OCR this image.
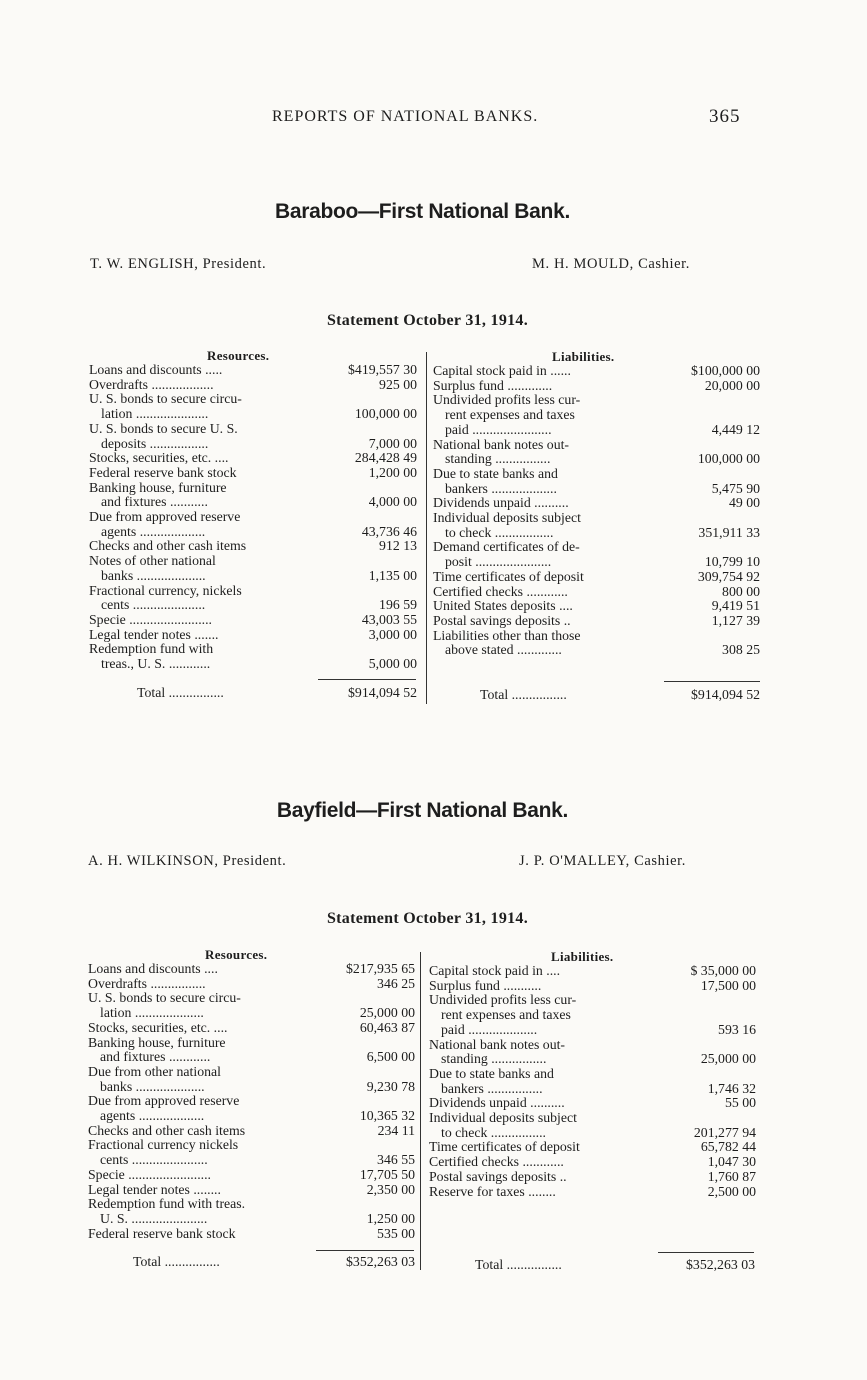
REPORTS OF NATIONAL BANKS.	365
Baraboo—First National Bank.
T. W. ENGLISH, President.	M. H. MOULD, Cashier.
Statement October 31, 1914.
Resources.	Liabilities.
Loans and discounts .....	$419,557 30
Overdrafts ..................	925 00
U. S. bonds to secure circu-
lation .....................	100,000 00
U. S. bonds to secure U. S.
deposits .................	7,000 00
Stocks, securities, etc. ....	284,428 49
Federal reserve bank stock	1,200 00
Banking house, furniture
and fixtures ...........	4,000 00
Due from approved reserve
agents ...................	43,736 46
Checks and other cash items	912 13
Notes of other national
banks ....................	1,135 00
Fractional currency, nickels
cents .....................	196 59
Specie ........................	43,003 55
Legal tender notes .......	3,000 00
Redemption fund with
treas., U. S. ............	5,000 00
Capital stock paid in ......	$100,000 00
Surplus fund .............	20,000 00
Undivided profits less cur-
rent expenses and taxes
paid .......................	4,449 12
National bank notes out-
standing ................	100,000 00
Due to state banks and
bankers ...................	5,475 90
Dividends unpaid ..........	49 00
Individual deposits subject
to check .................	351,911 33
Demand certificates of de-
posit ......................	10,799 10
Time certificates of deposit	309,754 92
Certified checks ............	800 00
United States deposits ....	9,419 51
Postal savings deposits ..	1,127 39
Liabilities other than those
above stated .............	308 25
Total ................	$914,094 52	Total ................	$914,094 52
Bayfield—First National Bank.
A. H. WILKINSON, President.	J. P. O'MALLEY, Cashier.
Statement October 31, 1914.
Resources.	Liabilities.
Loans and discounts ....	$217,935 65
Overdrafts ................	346 25
U. S. bonds to secure circu-
lation ....................	25,000 00
Stocks, securities, etc. ....	60,463 87
Banking house, furniture
and fixtures ............	6,500 00
Due from other national
banks ....................	9,230 78
Due from approved reserve
agents ...................	10,365 32
Checks and other cash items	234 11
Fractional currency nickels
cents ......................	346 55
Specie ........................	17,705 50
Legal tender notes ........	2,350 00
Redemption fund with treas.
U. S. ......................	1,250 00
Federal reserve bank stock	535 00
Capital stock paid in ....	$ 35,000 00
Surplus fund ...........	17,500 00
Undivided profits less cur-
rent expenses and taxes
paid ....................	593 16
National bank notes out-
standing ................	25,000 00
Due to state banks and
bankers ................	1,746 32
Dividends unpaid ..........	55 00
Individual deposits subject
to check ................	201,277 94
Time certificates of deposit	65,782 44
Certified checks ............	1,047 30
Postal savings deposits ..	1,760 87
Reserve for taxes ........	2,500 00
Total ................	$352,263 03	Total ................	$352,263 03
